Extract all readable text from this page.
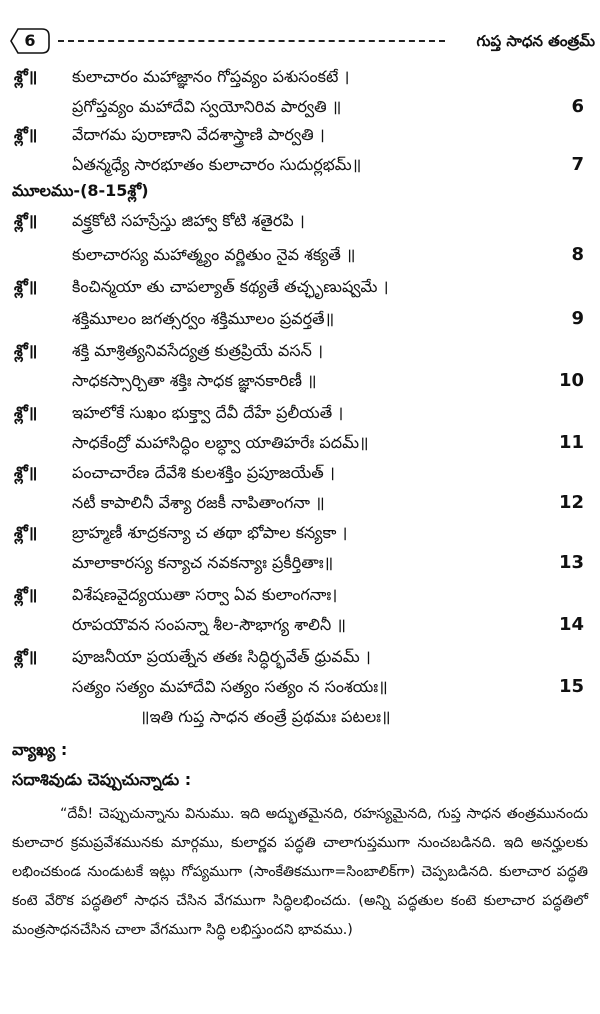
6	గుప్త సాధన తంత్రమ్
శ్లో॥ కులాచారం మహాజ్ఞానం గోప్తవ్యం పశుసంకటే ।
ప్రగోప్తవ్యం మహాదేవి స్వయోనిరివ పార్వతి ॥	6
శ్లో॥ వేదాగమ పురాణాని వేదశాస్త్రాణి పార్వతి ।
ఏతన్మధ్యే సారభూతం కులాచారం సుదుర్లభమ్॥	7
మూలము-(8-15శ్లో)
శ్లో॥ వక్త్రకోటి సహస్రేస్తు జిహ్వా కోటి శతైరపి ।
కులాచారస్య మహాత్మ్యం వర్ణితుం నైవ శక్యతే ॥	8
శ్లో॥ కించిన్మయా తు చాపల్యాత్ కథ్యతే తచ్ఛృణుష్వమే ।
శక్తిమూలం జగత్సర్వం శక్తిమూలం ప్రవర్తతే॥	9
శ్లో॥ శక్తి మాశ్రిత్యనివసేద్యత్ర కుత్రప్రియే వసన్ ।
సాధకస్సార్చితా శక్తిః సాధక జ్ఞానకారిణీ ॥	10
శ్లో॥ ఇహలోకే సుఖం భుక్త్వా దేవీ దేహే ప్రలీయతే ।
సాధకేంద్రో మహాసిద్ధిం లబ్ధ్వా యాతిహరేః పదమ్॥	11
శ్లో॥ పంచాచారేణ దేవేశి కులశక్తిం ప్రపూజయేత్ ।
నటీ కాపాలినీ వేశ్యా రజకీ నాపితాంగనా ॥	12
శ్లో॥ బ్రాహ్మణీ శూద్రకన్యా చ తథా భోపాల కన్యకా ।
మాలాకారస్య కన్యాచ నవకన్యాః ప్రకీర్తితాః॥	13
శ్లో॥ విశేషణవైద్యయుతా సర్వా ఏవ కులాంగనాః।
రూపయౌవన సంపన్నా శీల-సౌభాగ్య శాలినీ ॥	14
శ్లో॥ పూజనీయా ప్రయత్నేన తతః సిద్ధిర్భవేత్ ధ్రువమ్ ।
సత్యం సత్యం మహాదేవి సత్యం సత్యం న సంశయః॥	15
॥ఇతి గుప్త సాధన తంత్రే ప్రథమః పటలః॥
వ్యాఖ్య :
సదాశివుడు చెప్పుచున్నాడు :

“దేవీ! చెప్పుచున్నాను వినుము. ఇది అద్భుతమైనది, రహస్యమైనది, గుప్త సాధన తంత్రమునందు కులాచార క్రమప్రవేశమునకు మార్గము, కులార్ణవ పద్ధతి చాలాగుప్తముగా నుంచబడినది. ఇది అనర్హులకు లభించకుండ నుండుటకే ఇట్లు గోప్యముగా (సాంకేతికముగా=సింబాలిక్‌గా) చెప్పబడినది. కులాచార పద్ధతి కంటె వేరొక పద్ధతిలో సాధన చేసిన వేగముగా సిద్ధిలభించదు. (అన్ని పద్ధతుల కంటె కులాచార పద్ధతిలో మంత్రసాధనచేసిన చాలా వేగముగా సిద్ధి లభిస్తుందని భావము.)
